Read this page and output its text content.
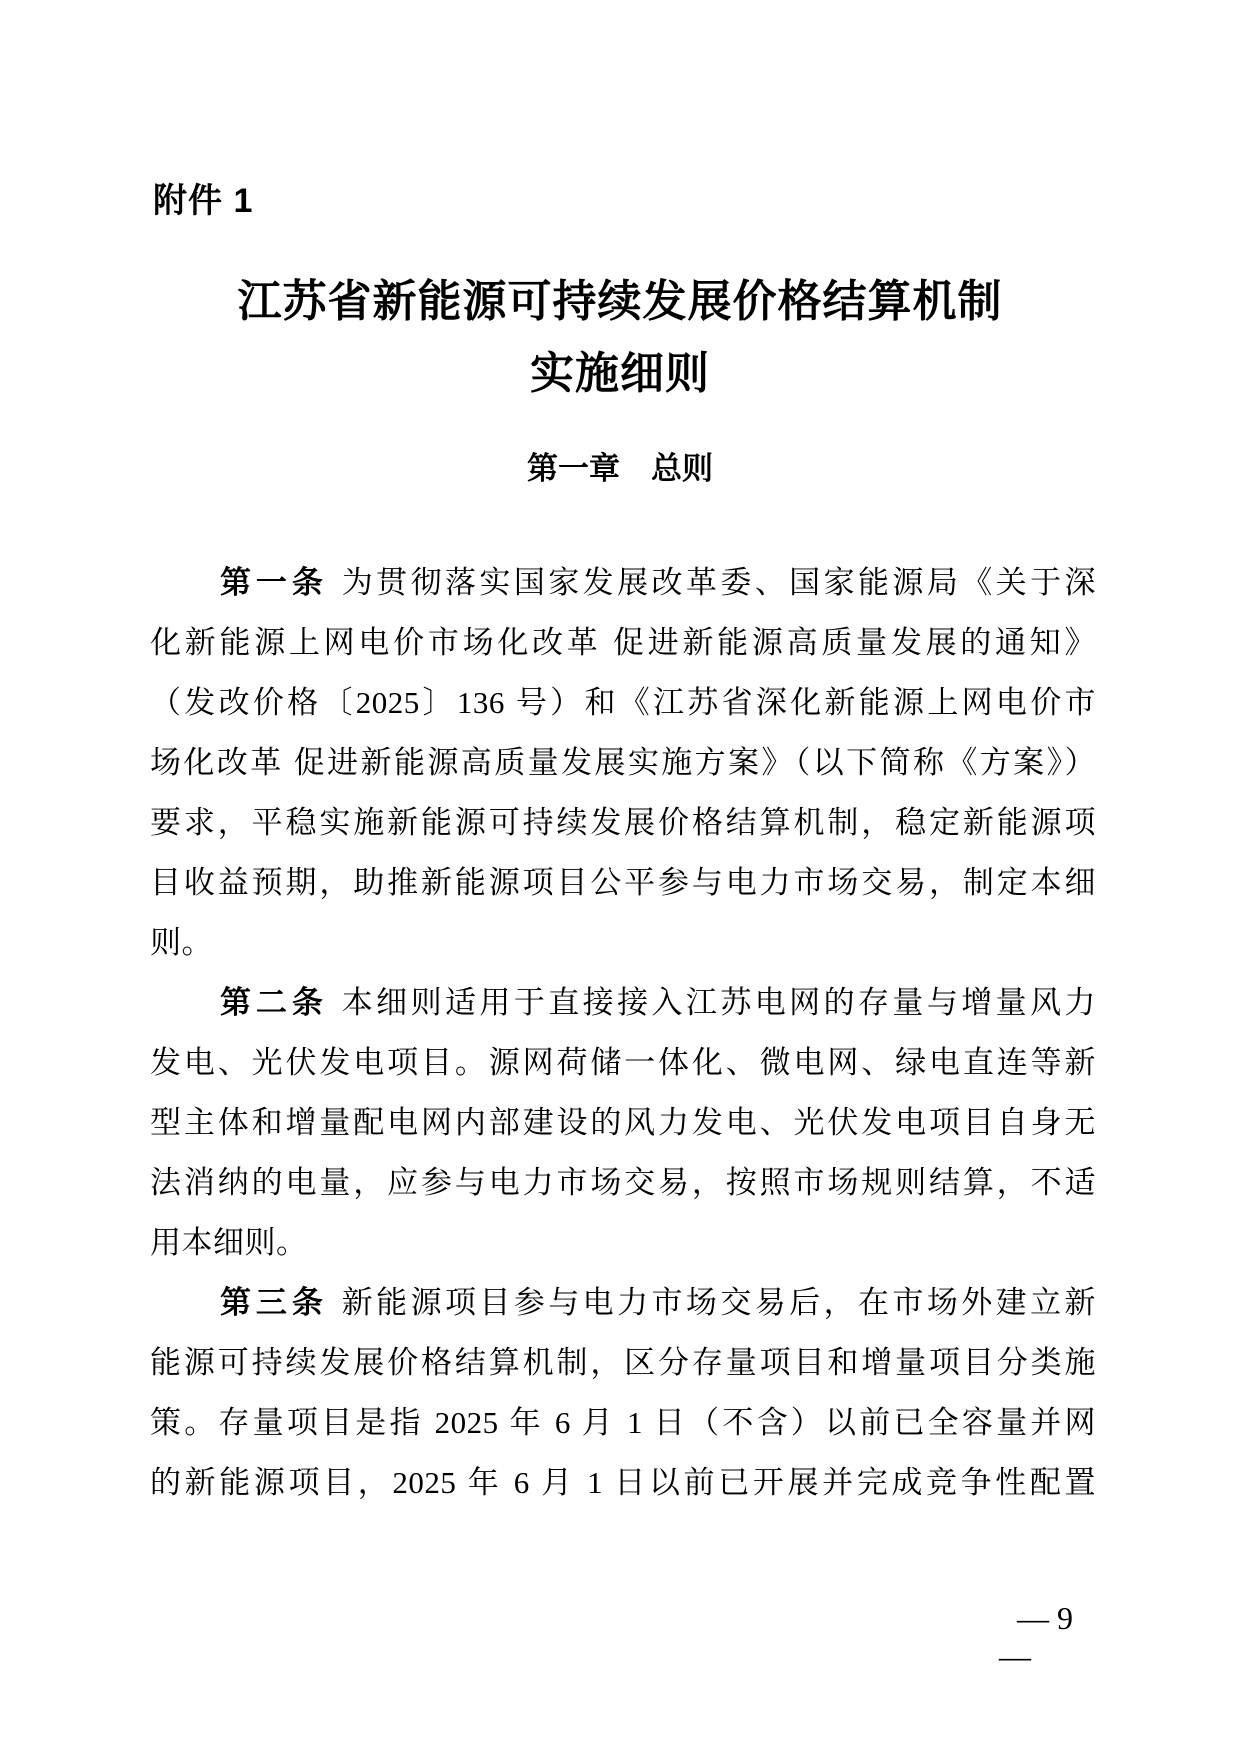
附件 1
江苏省新能源可持续发展价格结算机制
实施细则
第一章　总则
第一条 为贯彻落实国家发展改革委、国家能源局《关于深
化新能源上网电价市场化改革 促进新能源高质量发展的通知》
（发改价格〔2025〕136 号）和《江苏省深化新能源上网电价市
场化改革 促进新能源高质量发展实施方案》（以下简称《方案》）
要求，平稳实施新能源可持续发展价格结算机制，稳定新能源项
目收益预期，助推新能源项目公平参与电力市场交易，制定本细
则。
第二条 本细则适用于直接接入江苏电网的存量与增量风力
发电、光伏发电项目。源网荷储一体化、微电网、绿电直连等新
型主体和增量配电网内部建设的风力发电、光伏发电项目自身无
法消纳的电量，应参与电力市场交易，按照市场规则结算，不适
用本细则。
第三条 新能源项目参与电力市场交易后，在市场外建立新
能源可持续发展价格结算机制，区分存量项目和增量项目分类施
策。存量项目是指 2025 年 6 月 1 日（不含）以前已全容量并网
的新能源项目，2025 年 6 月 1 日以前已开展并完成竞争性配置
— 9
—
